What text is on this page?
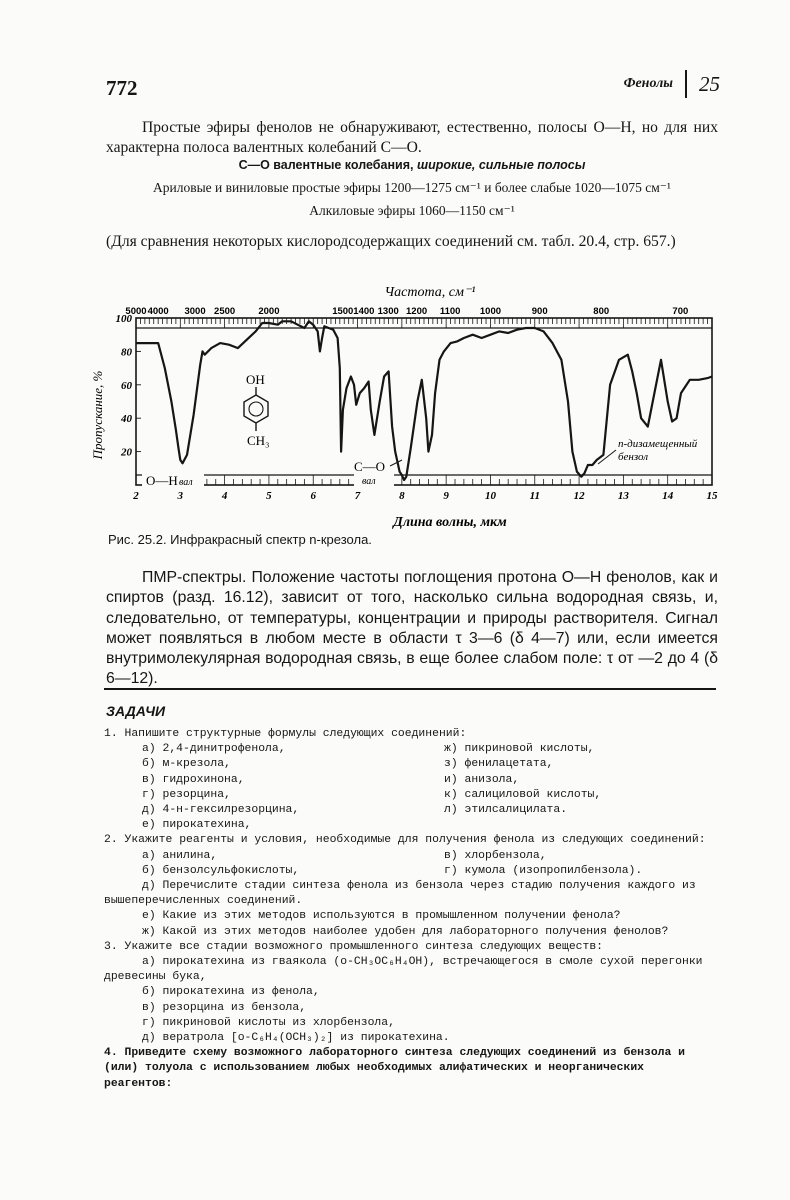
772	Фенолы 25
Простые эфиры фенолов не обнаруживают, естественно, полосы О—Н, но для них характерна полоса валентных колебаний С—О.
С—О валентные колебания, широкие, сильные полосы
Ариловые и виниловые простые эфиры 1200—1275 см⁻¹ и более слабые 1020—1075 см⁻¹
Алкиловые эфиры 1060—1150 см⁻¹
(Для сравнения некоторых кислородсодержащих соединений см. табл. 20.4, стр. 657.)
Частота, см⁻¹
5000 4000 3000 2500 2000	1500 1400 1300 1200 1100 1000	900	800	700
20
40
60
80
100
2	3	4	5	6	7	8	9	10	11	12	13	14	15
Пропускание, %
Длина волны, мкм
O—H вал
C—O
вал
n-дизамещенный
бензол
OH
CH₃
Рис. 25.2. Инфракрасный спектр n-крезола.
ПМР-спектры. Положение частоты поглощения протона О—Н фенолов, как и спиртов (разд. 16.12), зависит от того, насколько сильна водородная связь, и, следовательно, от температуры, концентрации и природы растворителя. Сигнал может появляться в любом месте в области τ 3—6 (δ 4—7) или, если имеется внутримолекулярная водородная связь, в еще более слабом поле: τ от —2 до 4 (δ 6—12).
ЗАДАЧИ
1. Напишите структурные формулы следующих соединений:
а) 2,4-динитрофенола,	ж) пикриновой кислоты,
б) м-крезола,	з) фенилацетата,
в) гидрохинона,	и) анизола,
г) резорцина,	к) салициловой кислоты,
д) 4-н-гексилрезорцина,	л) этилсалицилата.
е) пирокатехина,
2. Укажите реагенты и условия, необходимые для получения фенола из следующих соединений:
а) анилина,	в) хлорбензола,
б) бензолсульфокислоты,	г) кумола (изопропилбензола).
д) Перечислите стадии синтеза фенола из бензола через стадию получения каждого из вышеперечисленных соединений.
е) Какие из этих методов используются в промышленном получении фенола?
ж) Какой из этих методов наиболее удобен для лабораторного получения фенолов?
3. Укажите все стадии возможного промышленного синтеза следующих веществ:
а) пирокатехина из гваякола (o-CH₃OC₆H₄OH), встречающегося в смоле сухой перегонки древесины бука,
б) пирокатехина из фенола,
в) резорцина из бензола,
г) пикриновой кислоты из хлорбензола,
д) вератрола [o-C₆H₄(OCH₃)₂] из пирокатехина.
4. Приведите схему возможного лабораторного синтеза следующих соединений из бензола и (или) толуола с использованием любых необходимых алифатических и неорганических реагентов:
